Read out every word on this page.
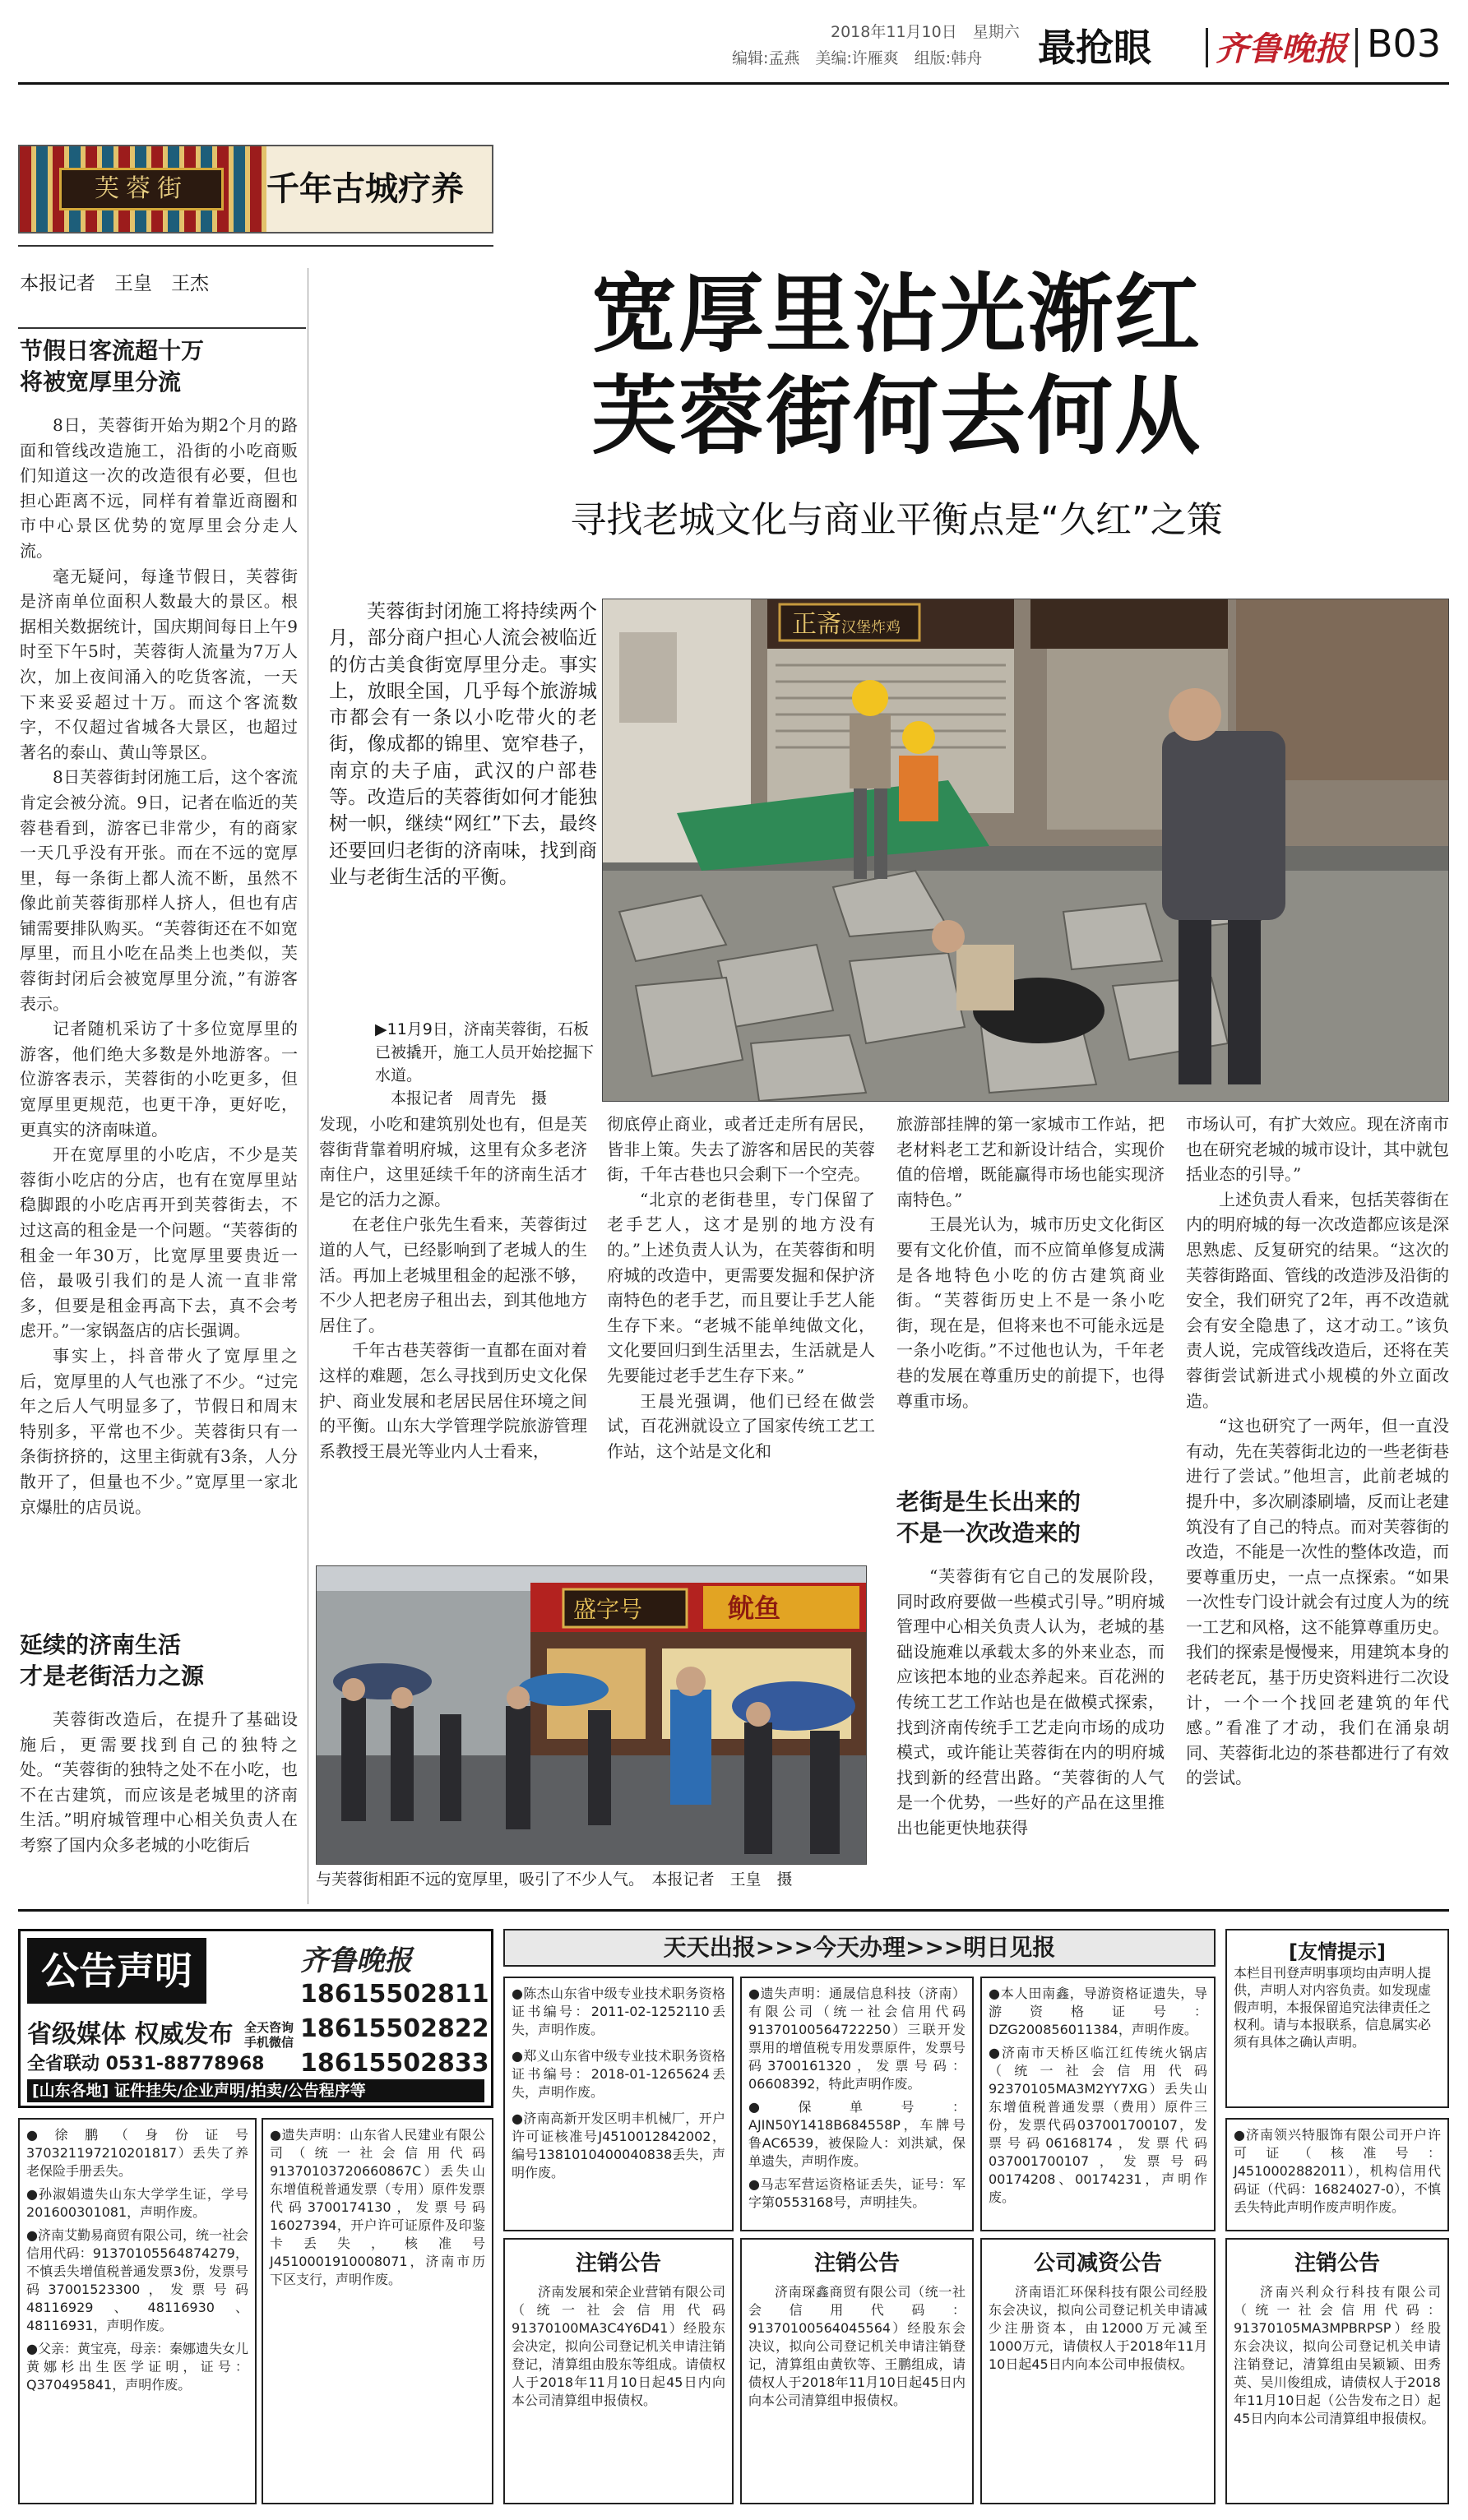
2018年11月10日　星期六
编辑:孟燕　美编:许雁爽　组版:韩舟 最抢眼 齐鲁晚报 B03
芙蓉街	千年古城疗养
宽厚里沾光渐红
芙蓉街何去何从
寻找老城文化与商业平衡点是“久红”之策
本报记者　王皇　王杰
节假日客流超十万
将被宽厚里分流

8日，芙蓉街开始为期2个月的路面和管线改造施工，沿街的小吃商贩们知道这一次的改造很有必要，但也担心距离不远，同样有着靠近商圈和市中心景区优势的宽厚里会分走人流。

毫无疑问，每逢节假日，芙蓉街是济南单位面积人数最大的景区。根据相关数据统计，国庆期间每日上午9时至下午5时，芙蓉街人流量为7万人次，加上夜间涌入的吃货客流，一天下来妥妥超过十万。而这个客流数字，不仅超过省城各大景区，也超过著名的泰山、黄山等景区。

8日芙蓉街封闭施工后，这个客流肯定会被分流。9日，记者在临近的芙蓉巷看到，游客已非常少，有的商家一天几乎没有开张。而在不远的宽厚里，每一条街上都人流不断，虽然不像此前芙蓉街那样人挤人，但也有店铺需要排队购买。“芙蓉街还在不如宽厚里，而且小吃在品类上也类似，芙蓉街封闭后会被宽厚里分流，”有游客表示。

记者随机采访了十多位宽厚里的游客，他们绝大多数是外地游客。一位游客表示，芙蓉街的小吃更多，但宽厚里更规范，也更干净，更好吃，更真实的济南味道。

开在宽厚里的小吃店，不少是芙蓉街小吃店的分店，也有在宽厚里站稳脚跟的小吃店再开到芙蓉街去，不过这高的租金是一个问题。“芙蓉街的租金一年30万，比宽厚里要贵近一倍，最吸引我们的是人流一直非常多，但要是租金再高下去，真不会考虑开。”一家锅盔店的店长强调。

事实上，抖音带火了宽厚里之后，宽厚里的人气也涨了不少。“过完年之后人气明显多了，节假日和周末特别多，平常也不少。芙蓉街只有一条街挤挤的，这里主街就有3条，人分散开了，但量也不少。”宽厚里一家北京爆肚的店员说。

延续的济南生活
才是老街活力之源

芙蓉街改造后，在提升了基础设施后，更需要找到自己的独特之处。“芙蓉街的独特之处不在小吃，也不在古建筑，而应该是老城里的济南生活。”明府城管理中心相关负责人在考察了国内众多老城的小吃街后

芙蓉街封闭施工将持续两个月，部分商户担心人流会被临近的仿古美食街宽厚里分走。事实上，放眼全国，几乎每个旅游城市都会有一条以小吃带火的老街，像成都的锦里、宽窄巷子，南京的夫子庙，武汉的户部巷等。改造后的芙蓉街如何才能独树一帜，继续“网红”下去，最终还要回归老街的济南味，找到商业与老街生活的平衡。
正斋 汉堡炸鸡
▶11月9日，济南芙蓉街，石板已被撬开，施工人员开始挖掘下水道。
本报记者　周青先　摄

发现，小吃和建筑别处也有，但是芙蓉街背靠着明府城，这里有众多老济南住户，这里延续千年的济南生活才是它的活力之源。

在老住户张先生看来，芙蓉街过道的人气，已经影响到了老城人的生活。再加上老城里租金的起涨不够，不少人把老房子租出去，到其他地方居住了。

千年古巷芙蓉街一直都在面对着这样的难题，怎么寻找到历史文化保护、商业发展和老居民居住环境之间的平衡。山东大学管理学院旅游管理系教授王晨光等业内人士看来，

彻底停止商业，或者迁走所有居民，皆非上策。失去了游客和居民的芙蓉街，千年古巷也只会剩下一个空壳。

“北京的老街巷里，专门保留了老手艺人，这才是别的地方没有的。”上述负责人认为，在芙蓉街和明府城的改造中，更需要发掘和保护济南特色的老手艺，而且要让手艺人能生存下来。“老城不能单纯做文化，文化要回归到生活里去，生活就是人先要能过老手艺生存下来。”

王晨光强调，他们已经在做尝试，百花洲就设立了国家传统工艺工作站，这个站是文化和

旅游部挂牌的第一家城市工作站，把老材料老工艺和新设计结合，实现价值的倍增，既能赢得市场也能实现济南特色。”

王晨光认为，城市历史文化街区要有文化价值，而不应简单修复成满是各地特色小吃的仿古建筑商业街。“芙蓉街历史上不是一条小吃街，现在是，但将来也不可能永远是一条小吃街。”不过他也认为，千年老巷的发展在尊重历史的前提下，也得尊重市场。

老街是生长出来的
不是一次改造来的

“芙蓉街有它自己的发展阶段，同时政府要做一些模式引导。”明府城管理中心相关负责人认为，老城的基础设施难以承载太多的外来业态，而应该把本地的业态养起来。百花洲的传统工艺工作站也是在做模式探索，找到济南传统手工艺走向市场的成功模式，或许能让芙蓉街在内的明府城找到新的经营出路。“芙蓉街的人气是一个优势，一些好的产品在这里推出也能更快地获得

市场认可，有扩大效应。现在济南市也在研究老城的城市设计，其中就包括业态的引导。”

上述负责人看来，包括芙蓉街在内的明府城的每一次改造都应该是深思熟虑、反复研究的结果。“这次的芙蓉街路面、管线的改造涉及沿街的安全，我们研究了2年，再不改造就会有安全隐患了，这才动工。”该负责人说，完成管线改造后，还将在芙蓉街尝试新进式小规模的外立面改造。

“这也研究了一两年，但一直没有动，先在芙蓉街北边的一些老街巷进行了尝试。”他坦言，此前老城的提升中，多次刷漆刷墙，反而让老建筑没有了自己的特点。而对芙蓉街的改造，不能是一次性的整体改造，而要尊重历史，一点一点探索。“如果一次性专门设计就会有过度人为的统一工艺和风格，这不能算尊重历史。我们的探索是慢慢来，用建筑本身的老砖老瓦，基于历史资料进行二次设计，一个一个找回老建筑的年代感。”看准了才动，我们在涌泉胡同、芙蓉街北边的茶巷都进行了有效的尝试。

盛字号	鱿鱼
与芙蓉街相距不远的宽厚里，吸引了不少人气。　本报记者　王皇　摄
公告声明	齐鲁晚报
省级媒体 权威发布
全省联动 0531-88778968
全天咨询
手机微信
18615502811
18615502822
18615502833
[山东各地] 证件挂失/企业声明/拍卖/公告程序等
天天出报>>>今天办理>>>明日见报	[友情提示]
本栏目刊登声明事项均由声明人提供，声明人对内容负责。如发现虚假声明，本报保留追究法律责任之权利。请与本报联系，信息属实必须有具体之确认声明。

●徐鹏（身份证号370321197210201817）丢失了养老保险手册丢失。

●孙淑娟遗失山东大学学生证，学号201600301081，声明作废。

●济南艾勤易商贸有限公司，统一社会信用代码：91370105564874279，不慎丢失增值税普通发票3份，发票号码37001523300，发票号码48116929、48116930、48116931，声明作废。

●父亲：黄宝亮，母亲：秦娜遗失女儿黄娜杉出生医学证明，证号：Q370495841，声明作废。

●遗失声明：山东省人民建业有限公司（统一社会信用代码91370103720660867C）丢失山东增值税普通发票（专用）原件发票代码3700174130，发票号码16027394，开户许可证原件及印鉴卡丢失，核准号J4510001910008071，济南市历下区支行，声明作废。

●陈杰山东省中级专业技术职务资格证书编号：2011-02-1252110丢失，声明作废。

●郑义山东省中级专业技术职务资格证书编号：2018-01-1265624丢失，声明作废。

●济南高新开发区明丰机械厂，开户许可证核准号J4510012842002，编号1381010400040838丢失，声明作废。

●遗失声明：通晟信息科技（济南）有限公司（统一社会信用代码91370100564722250）三联开发票用的增值税专用发票原件，发票号码3700161320，发票号码：06608392，特此声明作废。

●保单号：AJIN50Y1418B684558P，车牌号鲁AC6539，被保险人：刘洪斌，保单遗失，声明作废。

●马志军营运资格证丢失，证号：军字第0553168号，声明挂失。

●本人田南鑫，导游资格证遗失，导游资格证号：DZG200856011384，声明作废。

●济南市天桥区临江红传统火锅店（统一社会信用代码92370105MA3M2YY7XG）丢失山东增值税普通发票（费用）原件三份，发票代码037001700107，发票号码06168174，发票代码037001700107，发票号码00174208、00174231，声明作废。

●济南领兴特服饰有限公司开户许可证（核准号：J4510002882011），机构信用代码证（代码：16824027-0），不慎丢失特此声明作废声明作废。

注销公告

济南发展和荣企业营销有限公司（统一社会信用代码91370100MA3C4Y6D41）经股东会决定，拟向公司登记机关申请注销登记，清算组由股东等组成。请债权人于2018年11月10日起45日内向本公司清算组申报债权。

注销公告

济南琛鑫商贸有限公司（统一社会信用代码：91370100564045564）经股东会决议，拟向公司登记机关申请注销登记，清算组由黄钦等、王鹏组成，请债权人于2018年11月10日起45日内向本公司清算组申报债权。

公司减资公告

济南语汇环保科技有限公司经股东会决议，拟向公司登记机关申请减少注册资本，由12000万元减至1000万元，请债权人于2018年11月10日起45日内向本公司申报债权。

注销公告

济南兴利众行科技有限公司（统一社会信用代码：91370105MA3MPBRPSP）经股东会决议，拟向公司登记机关申请注销登记，清算组由吴颖颖、田秀英、吴川俊组成，请债权人于2018年11月10日起（公告发布之日）起45日内向本公司清算组申报债权。
